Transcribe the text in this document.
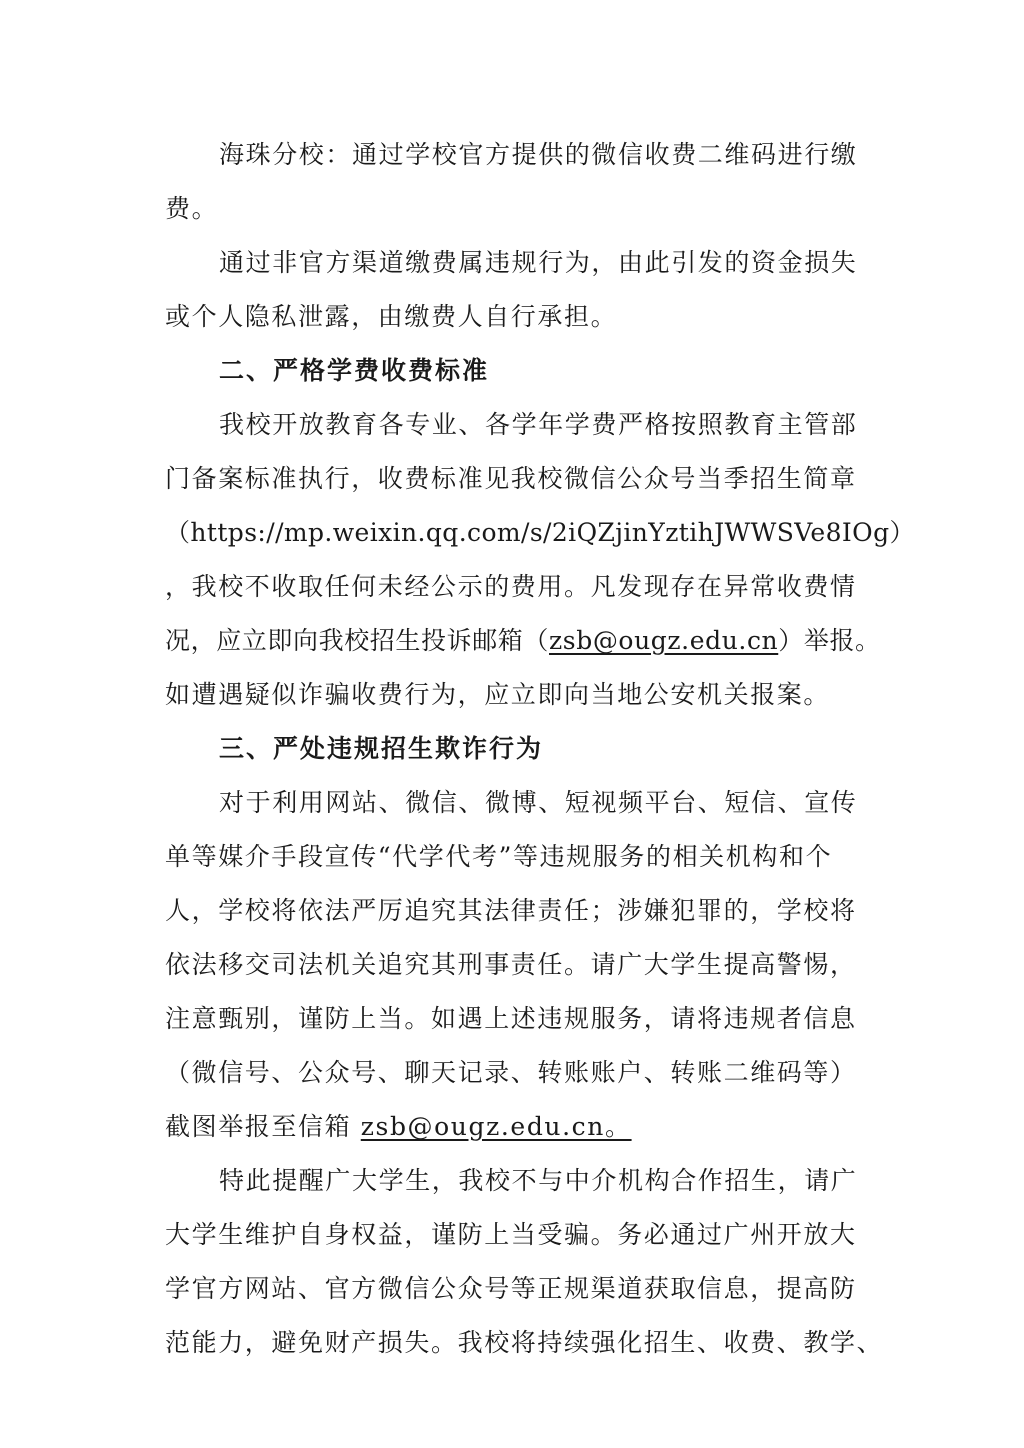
海珠分校：通过学校官方提供的微信收费二维码进行缴
费。
通过非官方渠道缴费属违规行为，由此引发的资金损失
或个人隐私泄露，由缴费人自行承担。
二、严格学费收费标准
我校开放教育各专业、各学年学费严格按照教育主管部
门备案标准执行，收费标准见我校微信公众号当季招生简章
（https://mp.weixin.qq.com/s/2iQZjinYztihJWWSVe8IOg）
，我校不收取任何未经公示的费用。凡发现存在异常收费情
况，应立即向我校招生投诉邮箱（zsb@ougz.edu.cn）举报。
如遭遇疑似诈骗收费行为，应立即向当地公安机关报案。
三、严处违规招生欺诈行为
对于利用网站、微信、微博、短视频平台、短信、宣传
单等媒介手段宣传“代学代考”等违规服务的相关机构和个
人，学校将依法严厉追究其法律责任；涉嫌犯罪的，学校将
依法移交司法机关追究其刑事责任。请广大学生提高警惕，
注意甄别，谨防上当。如遇上述违规服务，请将违规者信息
（微信号、公众号、聊天记录、转账账户、转账二维码等）
截图举报至信箱 zsb@ougz.edu.cn。
特此提醒广大学生，我校不与中介机构合作招生，请广
大学生维护自身权益，谨防上当受骗。务必通过广州开放大
学官方网站、官方微信公众号等正规渠道获取信息，提高防
范能力，避免财产损失。我校将持续强化招生、收费、教学、
